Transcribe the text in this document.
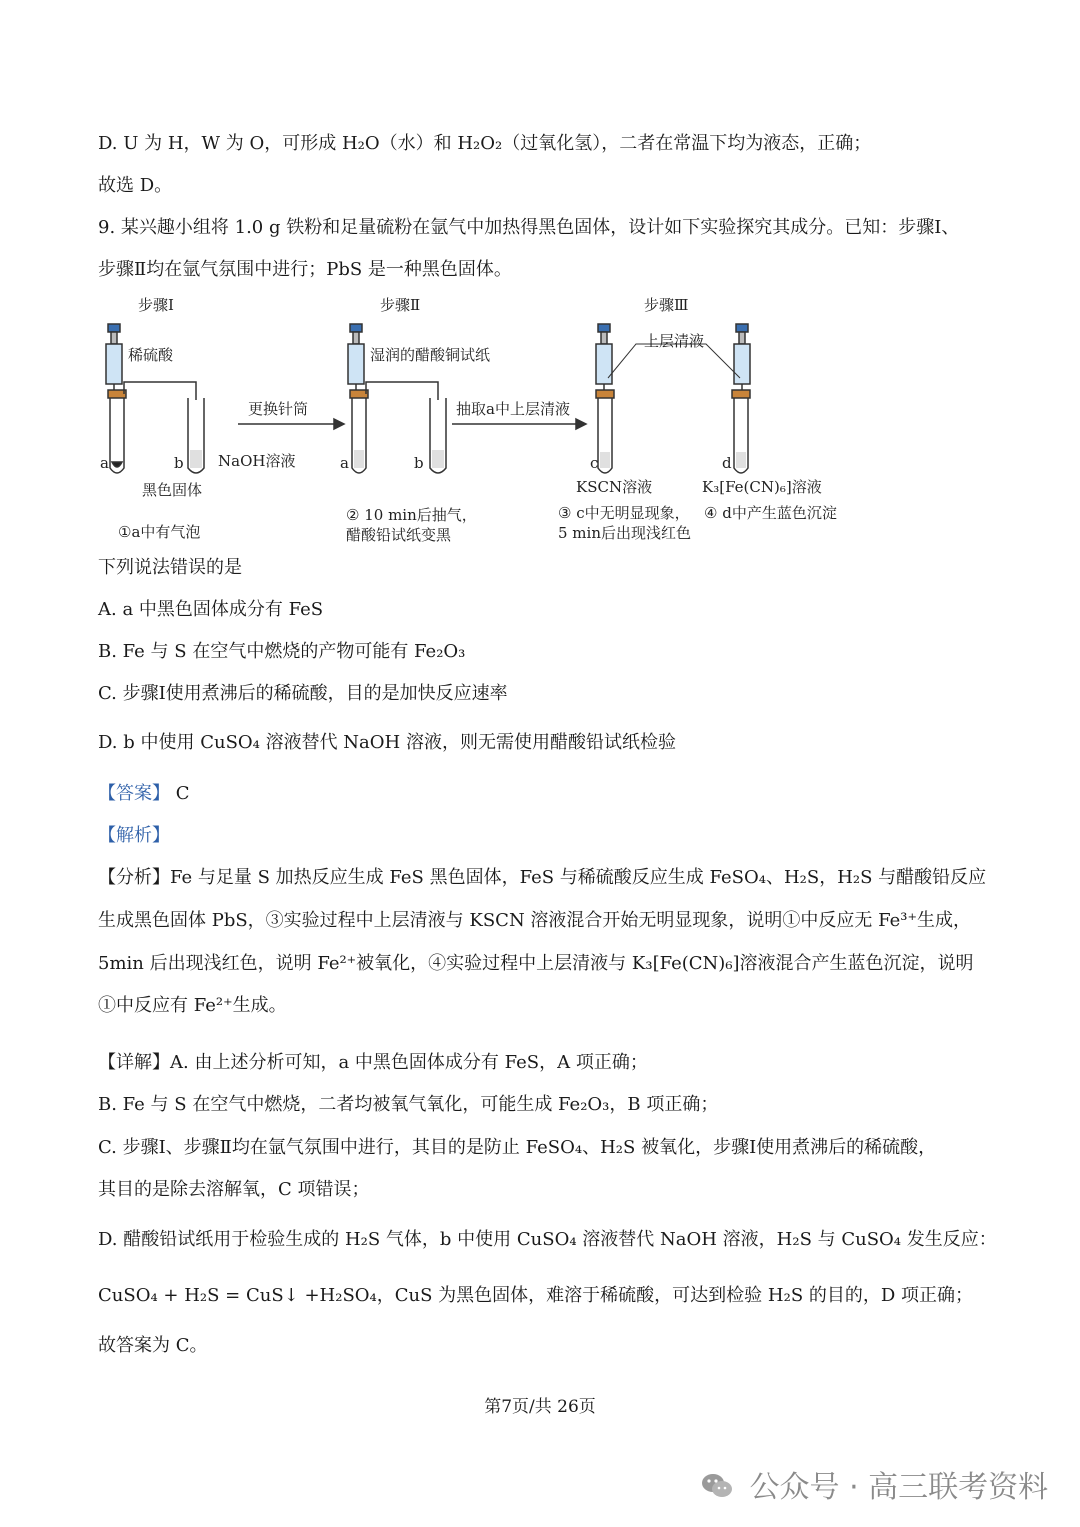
D. U 为 H，W 为 O，可形成 H₂O（水）和 H₂O₂（过氧化氢），二者在常温下均为液态，正确；
故选 D。
9. 某兴趣小组将 1.0 g 铁粉和足量硫粉在氩气中加热得黑色固体，设计如下实验探究其成分。已知：步骤Ⅰ、
步骤Ⅱ均在氩气氛围中进行；PbS 是一种黑色固体。
步骤Ⅰ
稀硫酸
a	b NaOH溶液
黑色固体
①a中有气泡
更换针筒
步骤Ⅱ
湿润的醋酸铜试纸
a	b
② 10 min后抽气，
醋酸铅试纸变黑
抽取a中上层清液
步骤Ⅲ
上层清液
c	d
KSCN溶液	K₃[Fe(CN)₆]溶液
③ c中无明显现象，
5 min后出现浅红色
④ d中产生蓝色沉淀
下列说法错误的是
A. a 中黑色固体成分有 FeS
B. Fe 与 S 在空气中燃烧的产物可能有 Fe₂O₃
C. 步骤Ⅰ使用煮沸后的稀硫酸，目的是加快反应速率
D. b 中使用 CuSO₄ 溶液替代 NaOH 溶液，则无需使用醋酸铅试纸检验
【答案】 C
【解析】
【分析】Fe 与足量 S 加热反应生成 FeS 黑色固体，FeS 与稀硫酸反应生成 FeSO₄、H₂S，H₂S 与醋酸铅反应
生成黑色固体 PbS，③实验过程中上层清液与 KSCN 溶液混合开始无明显现象，说明①中反应无 Fe³⁺生成，
5min 后出现浅红色，说明 Fe²⁺被氧化，④实验过程中上层清液与 K₃[Fe(CN)₆]溶液混合产生蓝色沉淀，说明
①中反应有 Fe²⁺生成。
【详解】A. 由上述分析可知，a 中黑色固体成分有 FeS，A 项正确；
B. Fe 与 S 在空气中燃烧，二者均被氧气氧化，可能生成 Fe₂O₃，B 项正确；
C. 步骤Ⅰ、步骤Ⅱ均在氩气氛围中进行，其目的是防止 FeSO₄、H₂S 被氧化，步骤Ⅰ使用煮沸后的稀硫酸，
其目的是除去溶解氧，C 项错误；
D. 醋酸铅试纸用于检验生成的 H₂S 气体，b 中使用 CuSO₄ 溶液替代 NaOH 溶液，H₂S 与 CuSO₄ 发生反应：
CuSO₄ + H₂S = CuS↓ +H₂SO₄，CuS 为黑色固体，难溶于稀硫酸，可达到检验 H₂S 的目的，D 项正确；
故答案为 C。
第7页/共 26页
公众号 · 高三联考资料
